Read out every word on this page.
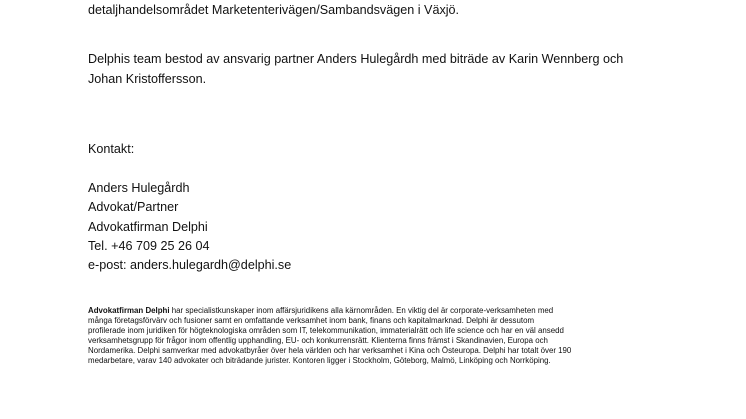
detaljhandelsområdet Marketenterivägen/Sambandsvägen i Växjö.

Delphis team bestod av ansvarig partner Anders Hulegårdh med biträde av Karin Wennberg och
Johan Kristoffersson.

Kontakt:

Anders Hulegårdh
Advokat/Partner
Advokatfirman Delphi
Tel. +46 709 25 26 04
e-post: anders.hulegardh@delphi.se
Advokatfirman Delphi har specialistkunskaper inom affärsjuridikens alla kärnområden. En viktig del är corporate-verksamheten med
många företagsförvärv och fusioner samt en omfattande verksamhet inom bank, finans och kapitalmarknad. Delphi är dessutom
profilerade inom juridiken för högteknologiska områden som IT, telekommunikation, immaterialrätt och life science och har en väl ansedd
verksamhetsgrupp för frågor inom offentlig upphandling, EU- och konkurrensrätt. Klienterna finns främst i Skandinavien, Europa och
Nordamerika. Delphi samverkar med advokatbyråer över hela världen och har verksamhet i Kina och Östeuropa. Delphi har totalt över 190
medarbetare, varav 140 advokater och biträdande jurister. Kontoren ligger i Stockholm, Göteborg, Malmö, Linköping och Norrköping.
